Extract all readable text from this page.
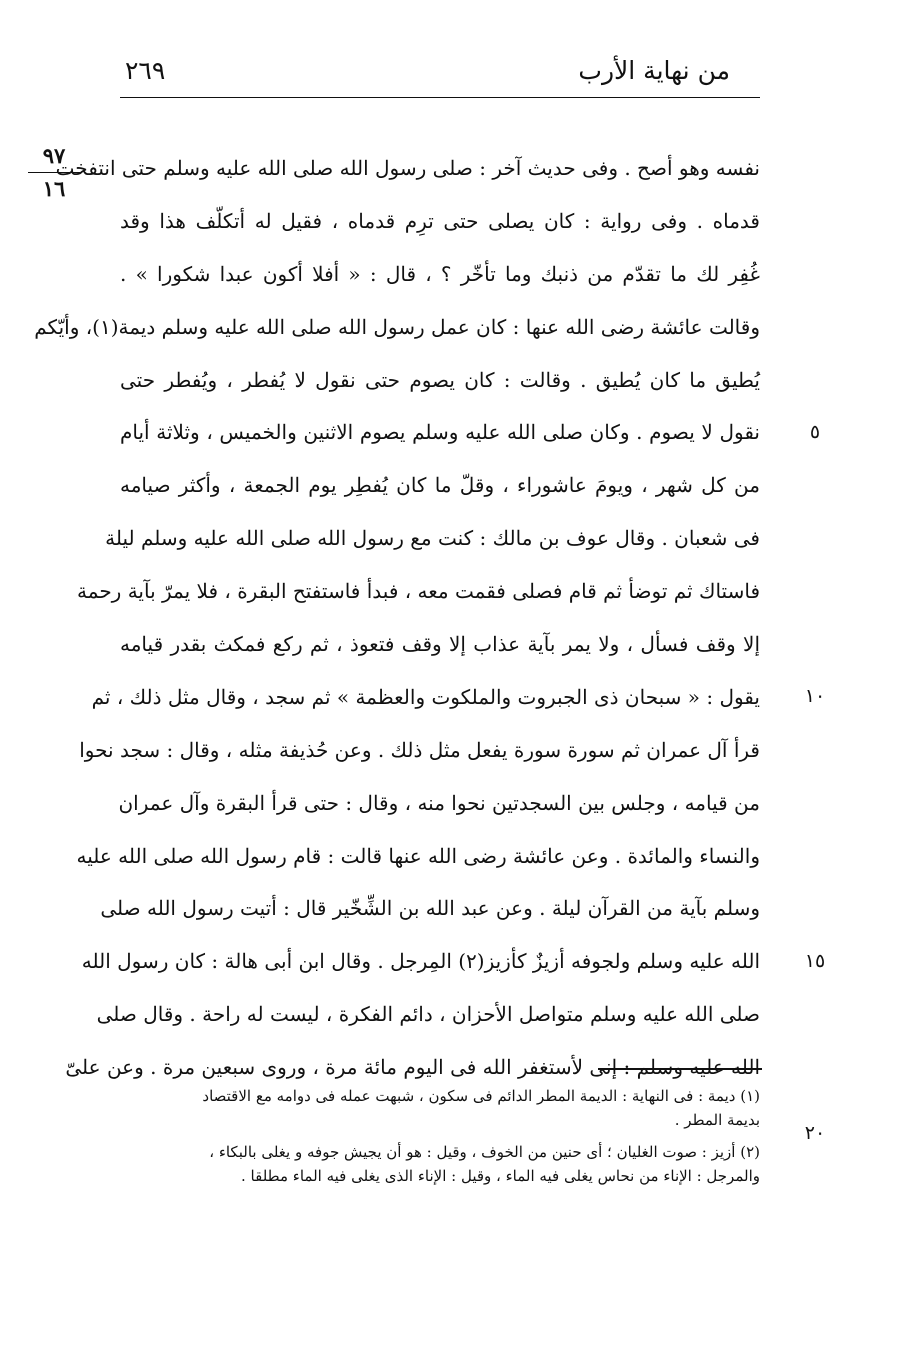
من نهاية الأرب
٢٦٩
٩٧
١٦
٥
١٠
١٥
٢٠
نفسه وهو أصح . وفى حديث آخر : صلى رسول الله صلى الله عليه وسلم حتى انتفخت
قدماه . وفى رواية : كان يصلى حتى ترِم قدماه ، فقيل له أتكلّف هذا وقد
غُفِر لك ما تقدّم من ذنبك وما تأخّر ؟ ، قال : « أفلا أكون عبدا شكورا » .
وقالت عائشة رضى الله عنها : كان عمل رسول الله صلى الله عليه وسلم ديمة(١)، وأيّكم
يُطيق ما كان يُطيق . وقالت : كان يصوم حتى نقول لا يُفطر ، ويُفطر حتى
نقول لا يصوم . وكان صلى الله عليه وسلم يصوم الاثنين والخميس ، وثلاثة أيام
من كل شهر ، ويومَ عاشوراء ، وقلّ ما كان يُفطِر يوم الجمعة ، وأكثر صيامه
فى شعبان . وقال عوف بن مالك : كنت مع رسول الله صلى الله عليه وسلم ليلة
فاستاك ثم توضأ ثم قام فصلى فقمت معه ، فبدأ فاستفتح البقرة ، فلا يمرّ بآية رحمة
إلا وقف فسأل ، ولا يمر بآية عذاب إلا وقف فتعوذ ، ثم ركع فمكث بقدر قيامه
يقول : « سبحان ذى الجبروت والملكوت والعظمة » ثم سجد ، وقال مثل ذلك ، ثم
قرأ آل عمران ثم سورة سورة يفعل مثل ذلك . وعن حُذيفة مثله ، وقال : سجد نحوا
من قيامه ، وجلس بين السجدتين نحوا منه ، وقال : حتى قرأ البقرة وآل عمران
والنساء والمائدة . وعن عائشة رضى الله عنها قالت : قام رسول الله صلى الله عليه
وسلم بآية من القرآن ليلة . وعن عبد الله بن الشِّخّير قال : أتيت رسول الله صلى
الله عليه وسلم ولجوفه أزيزٌ كأزيز(٢) المِرجل . وقال ابن أبى هالة : كان رسول الله
صلى الله عليه وسلم متواصل الأحزان ، دائم الفكرة ، ليست له راحة . وقال صلى
الله عليه وسلم : إنى لأستغفر الله فى اليوم مائة مرة ، وروى سبعين مرة . وعن علىّ
(١) ديمة : فى النهاية : الديمة المطر الدائم فى سكون ، شبهت عمله فى دوامه مع الاقتصاد
بديمة المطر .
(٢) أزيز : صوت الغليان ؛ أى حنين من الخوف ، وقيل : هو أن يجيش جوفه و يغلى بالبكاء ،
والمرجل : الإناء من نحاس يغلى فيه الماء ، وقيل : الإناء الذى يغلى فيه الماء مطلقا .
